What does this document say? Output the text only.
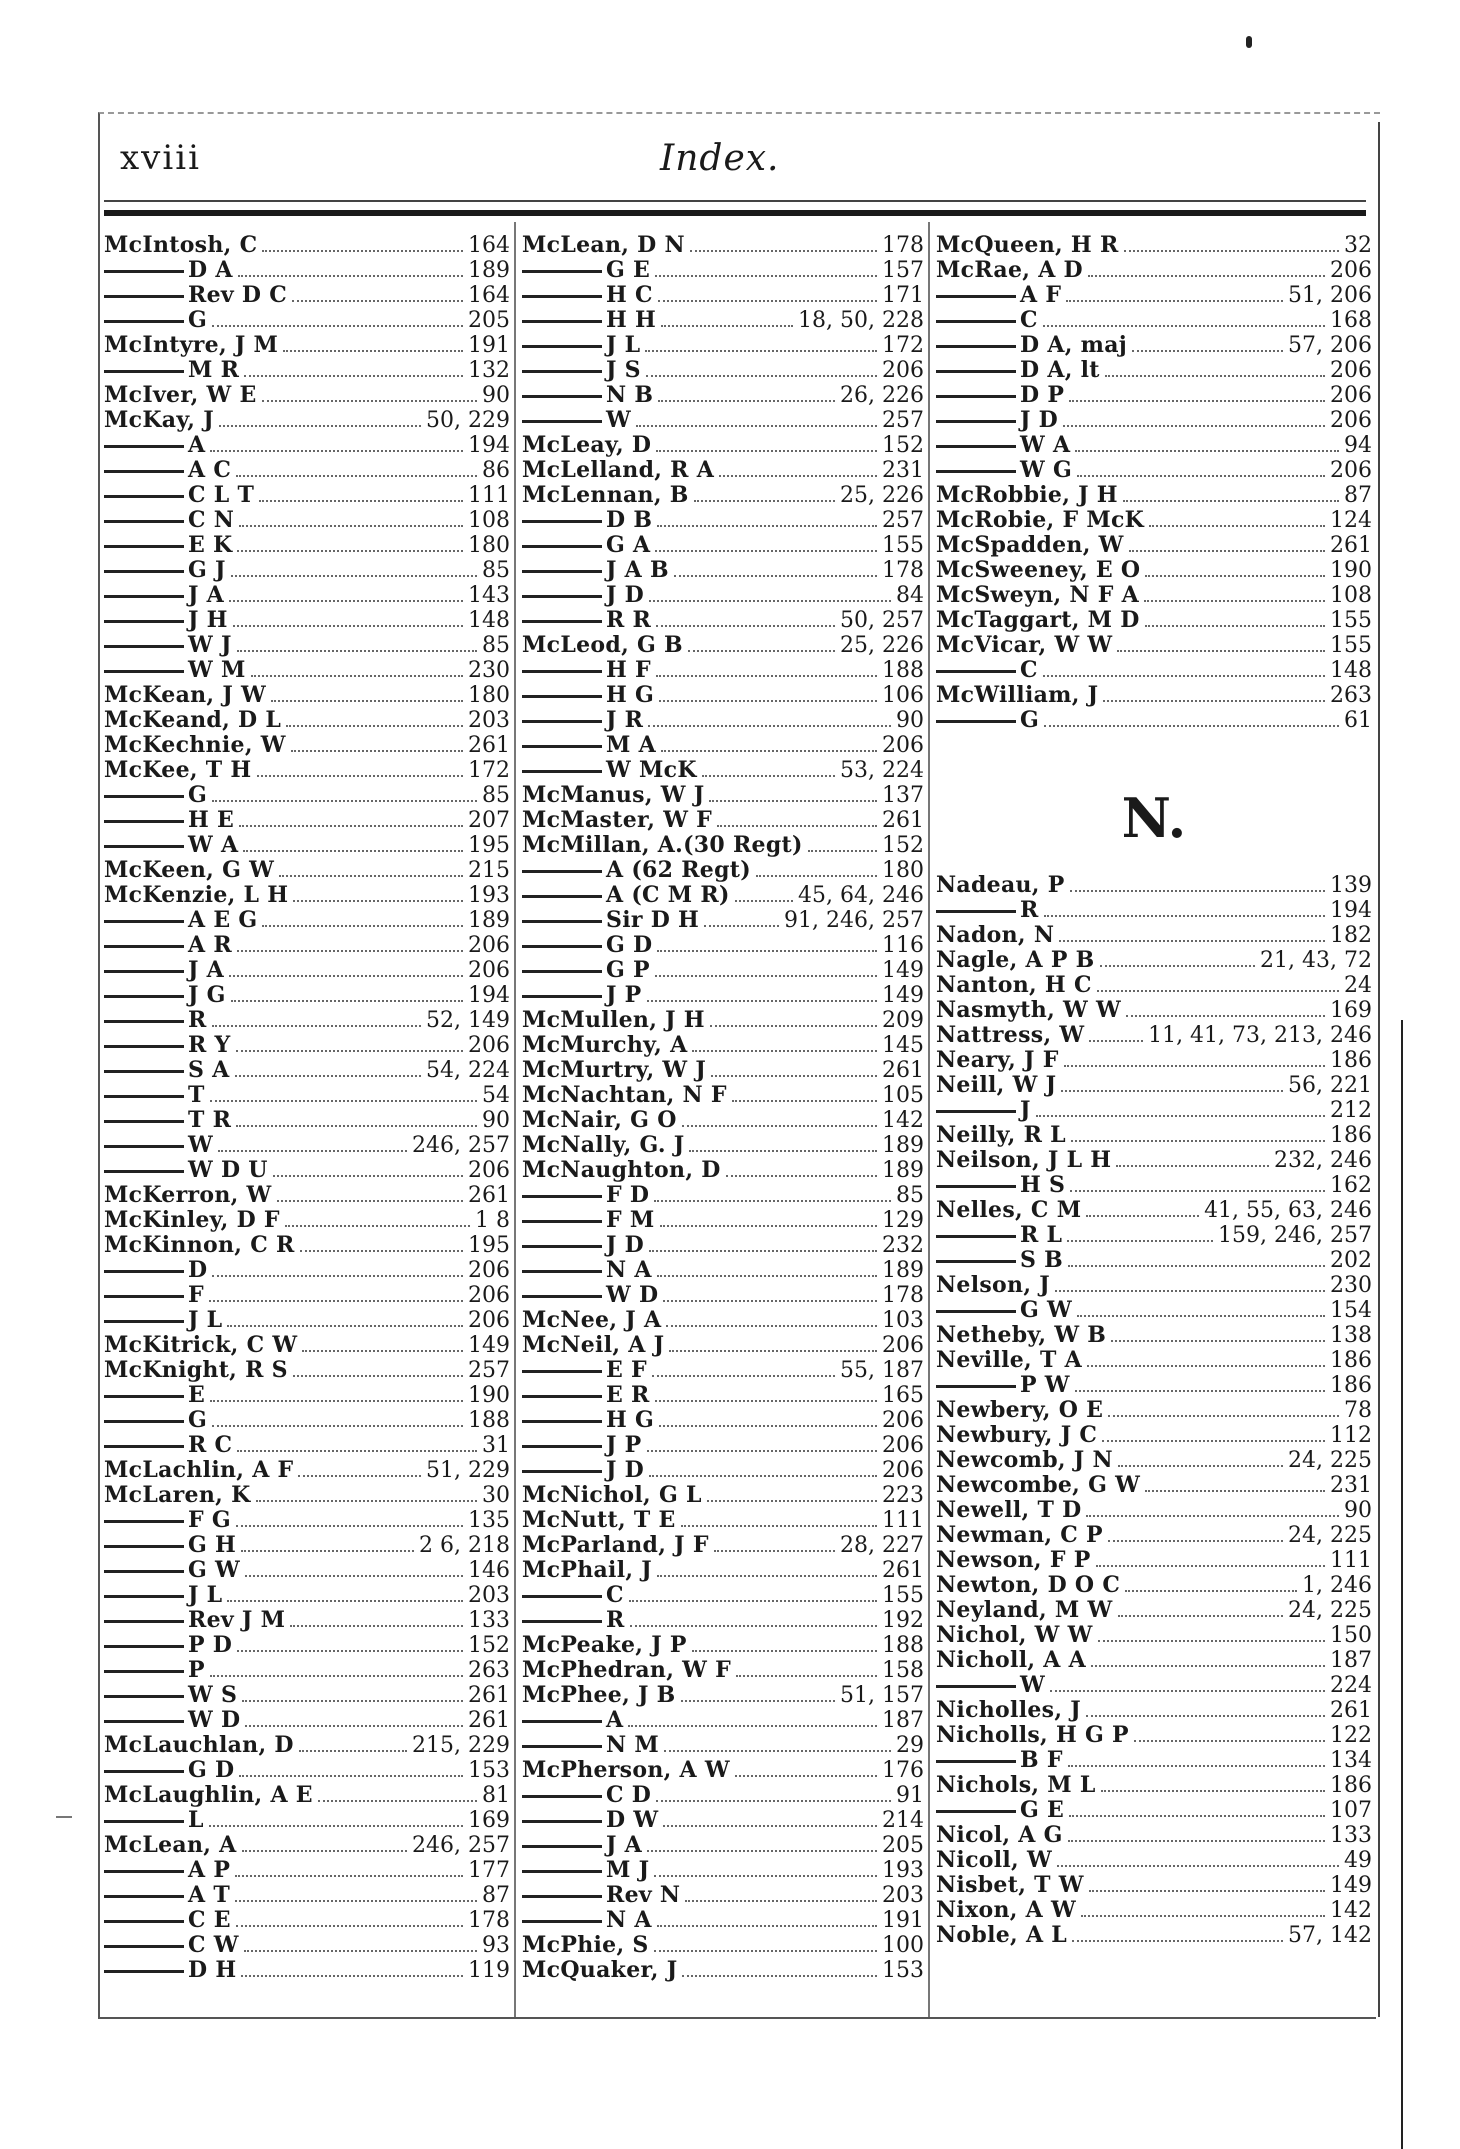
xviii	Index.
McIntosh, C	164
D A	189
Rev D C	164
G	205
McIntyre, J M	191
M R	132
McIver, W E	90
McKay, J	50, 229
A	194
A C	86
C L T	111
C N	108
E K	180
G J	85
J A	143
J H	148
W J	85
W M	230
McKean, J W	180
McKeand, D L	203
McKechnie, W	261
McKee, T H	172
G	85
H E	207
W A	195
McKeen, G W	215
McKenzie, L H	193
A E G	189
A R	206
J A	206
J G	194
R	52, 149
R Y	206
S A	54, 224
T	54
T R	90
W	246, 257
W D U	206
McKerron, W	261
McKinley, D F	1 8
McKinnon, C R	195
D	206
F	206
J L	206
McKitrick, C W	149
McKnight, R S	257
E	190
G	188
R C	31
McLachlin, A F	51, 229
McLaren, K	30
F G	135
G H	2 6, 218
G W	146
J L	203
Rev J M	133
P D	152
P	263
W S	261
W D	261
McLauchlan, D	215, 229
G D	153
McLaughlin, A E	81
L	169
McLean, A	246, 257
A P	177
A T	87
C E	178
C W	93
D H	119
McLean, D N	178
G E	157
H C	171
H H	18, 50, 228
J L	172
J S	206
N B	26, 226
W	257
McLeay, D	152
McLelland, R A	231
McLennan, B	25, 226
D B	257
G A	155
J A B	178
J D	84
R R	50, 257
McLeod, G B	25, 226
H F	188
H G	106
J R	90
M A	206
W McK	53, 224
McManus, W J	137
McMaster, W F	261
McMillan, A.(30 Regt)	152
A (62 Regt)	180
A (C M R)	45, 64, 246
Sir D H	91, 246, 257
G D	116
G P	149
J P	149
McMullen, J H	209
McMurchy, A	145
McMurtry, W J	261
McNachtan, N F	105
McNair, G O	142
McNally, G. J	189
McNaughton, D	189
F D	85
F M	129
J D	232
N A	189
W D	178
McNee, J A	103
McNeil, A J	206
E F	55, 187
E R	165
H G	206
J P	206
J D	206
McNichol, G L	223
McNutt, T E	111
McParland, J F	28, 227
McPhail, J	261
C	155
R	192
McPeake, J P	188
McPhedran, W F	158
McPhee, J B	51, 157
A	187
N M	29
McPherson, A W	176
C D	91
D W	214
J A	205
M J	193
Rev N	203
N A	191
McPhie, S	100
McQuaker, J	153
McQueen, H R	32
McRae, A D	206
A F	51, 206
C	168
D A, maj	57, 206
D A, lt	206
D P	206
J D	206
W A	94
W G	206
McRobbie, J H	87
McRobie, F McK	124
McSpadden, W	261
McSweeney, E O	190
McSweyn, N F A	108
McTaggart, M D	155
McVicar, W W	155
C	148
McWilliam, J	263
G	61
N.
Nadeau, P	139
R	194
Nadon, N	182
Nagle, A P B	21, 43, 72
Nanton, H C	24
Nasmyth, W W	169
Nattress, W	11, 41, 73, 213, 246
Neary, J F	186
Neill, W J	56, 221
J	212
Neilly, R L	186
Neilson, J L H	232, 246
H S	162
Nelles, C M	41, 55, 63, 246
R L	159, 246, 257
S B	202
Nelson, J	230
G W	154
Netheby, W B	138
Neville, T A	186
P W	186
Newbery, O E	78
Newbury, J C	112
Newcomb, J N	24, 225
Newcombe, G W	231
Newell, T D	90
Newman, C P	24, 225
Newson, F P	111
Newton, D O C	1, 246
Neyland, M W	24, 225
Nichol, W W	150
Nicholl, A A	187
W	224
Nicholles, J	261
Nicholls, H G P	122
B F	134
Nichols, M L	186
G E	107
Nicol, A G	133
Nicoll, W	49
Nisbet, T W	149
Nixon, A W	142
Noble, A L	57, 142
